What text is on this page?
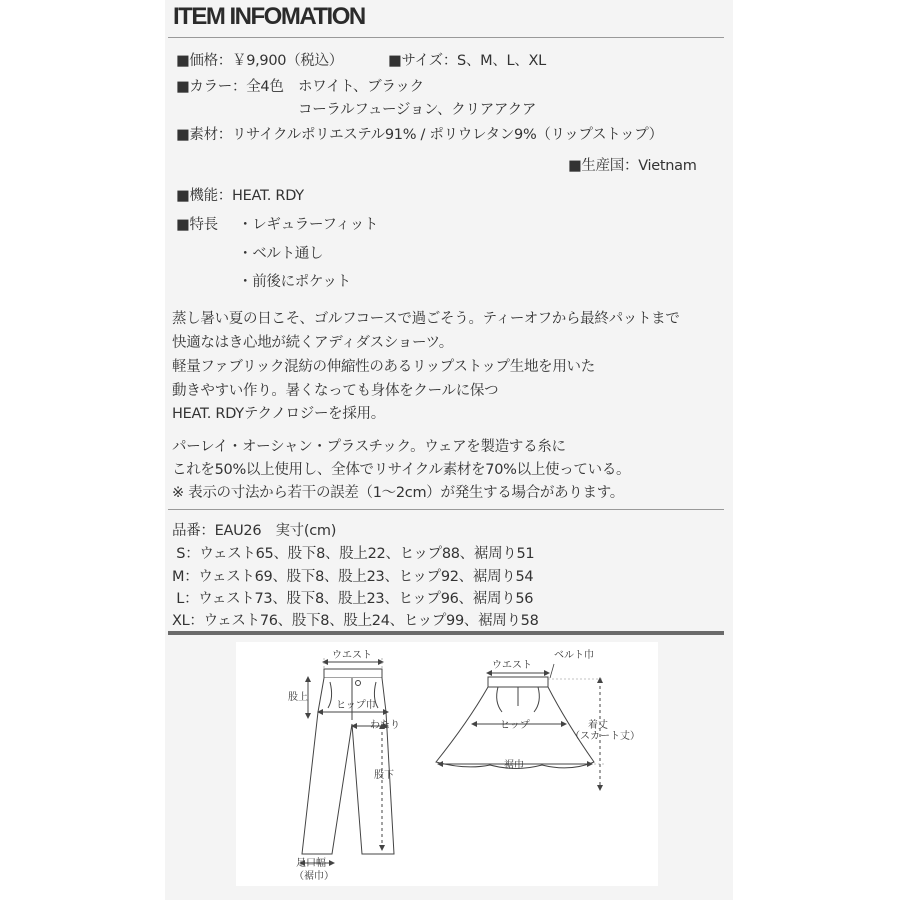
ITEM INFOMATION
■価格：￥9,900（税込）	■サイズ：S、M、L、XL
■カラー：全4色 ホワイト、ブラック
コーラルフュージョン、クリアアクア
■素材：リサイクルポリエステル91% / ポリウレタン9%（リップストップ）
■生産国：Vietnam
■機能：HEAT. RDY
■特長 ・レギュラーフィット
・ベルト通し
・前後にポケット
蒸し暑い夏の日こそ、ゴルフコースで過ごそう。ティーオフから最終パットまで
快適なはき心地が続くアディダスショーツ。
軽量ファブリック混紡の伸縮性のあるリップストップ生地を用いた
動きやすい作り。暑くなっても身体をクールに保つ
HEAT. RDYテクノロジーを採用。
パーレイ・オーシャン・プラスチック。ウェアを製造する糸に
これを50%以上使用し、全体でリサイクル素材を70%以上使っている。
※ 表示の寸法から若干の誤差（1〜2cm）が発生する場合があります。
品番：EAU26　実寸(cm)
S：ウェスト65、股下8、股上22、ヒップ88、裾周り51
M：ウェスト69、股下8、股上23、ヒップ92、裾周り54
L：ウェスト73、股下8、股上23、ヒップ96、裾周り56
XL：ウェスト76、股下8、股上24、ヒップ99、裾周り58
ウエスト
股上
ヒップ巾
わたり
股下
足口幅
（裾巾）
ウエスト
ベルト巾
ヒップ
裾巾
着丈
（スカート丈）
